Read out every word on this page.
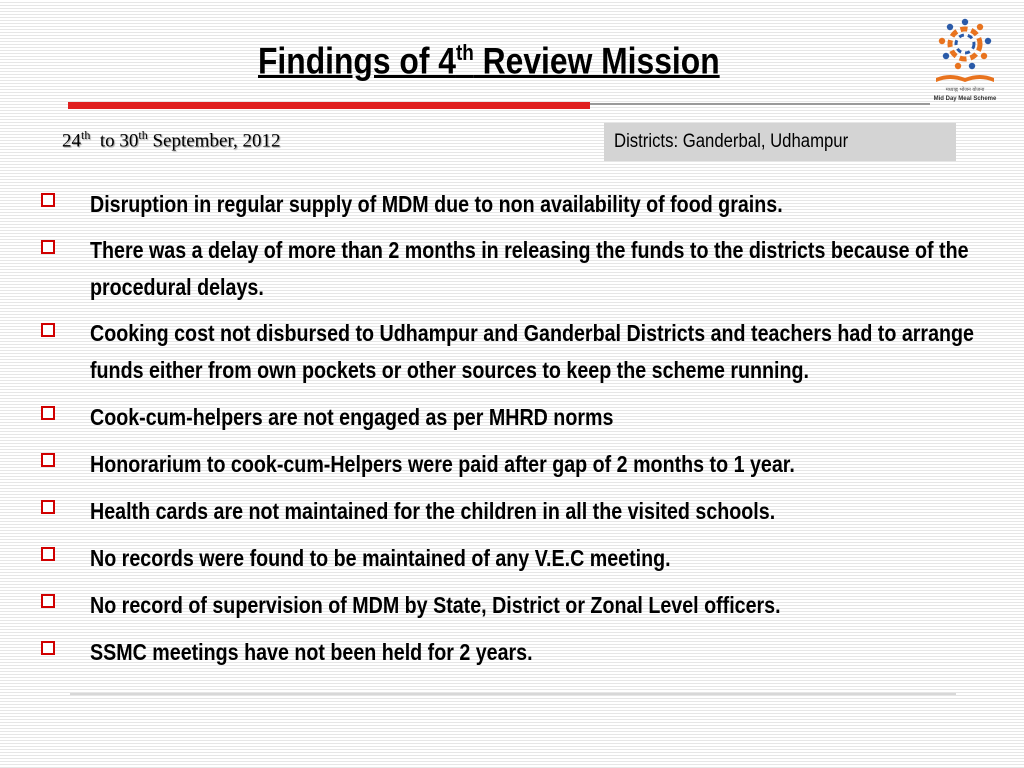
Findings of 4th Review Mission
मध्याह्न भोजन योजना
Mid Day Meal Scheme
24th to 30th September, 2012	Districts: Ganderbal, Udhampur
Disruption in regular supply of MDM due to non availability of food grains.
There was a delay of more than 2 months in releasing the funds to the districts because of the procedural delays.
Cooking cost not disbursed to Udhampur and Ganderbal Districts and teachers had to arrange funds either from own pockets or other sources to keep the scheme running.
Cook-cum-helpers are not engaged as per MHRD norms
Honorarium to cook-cum-Helpers were paid after gap of 2 months to 1 year.
Health cards are not maintained for the children in all the visited schools.
No records were found to be maintained of any V.E.C meeting.
No record of supervision of MDM by State, District or Zonal Level officers.
SSMC meetings have not been held for 2 years.
